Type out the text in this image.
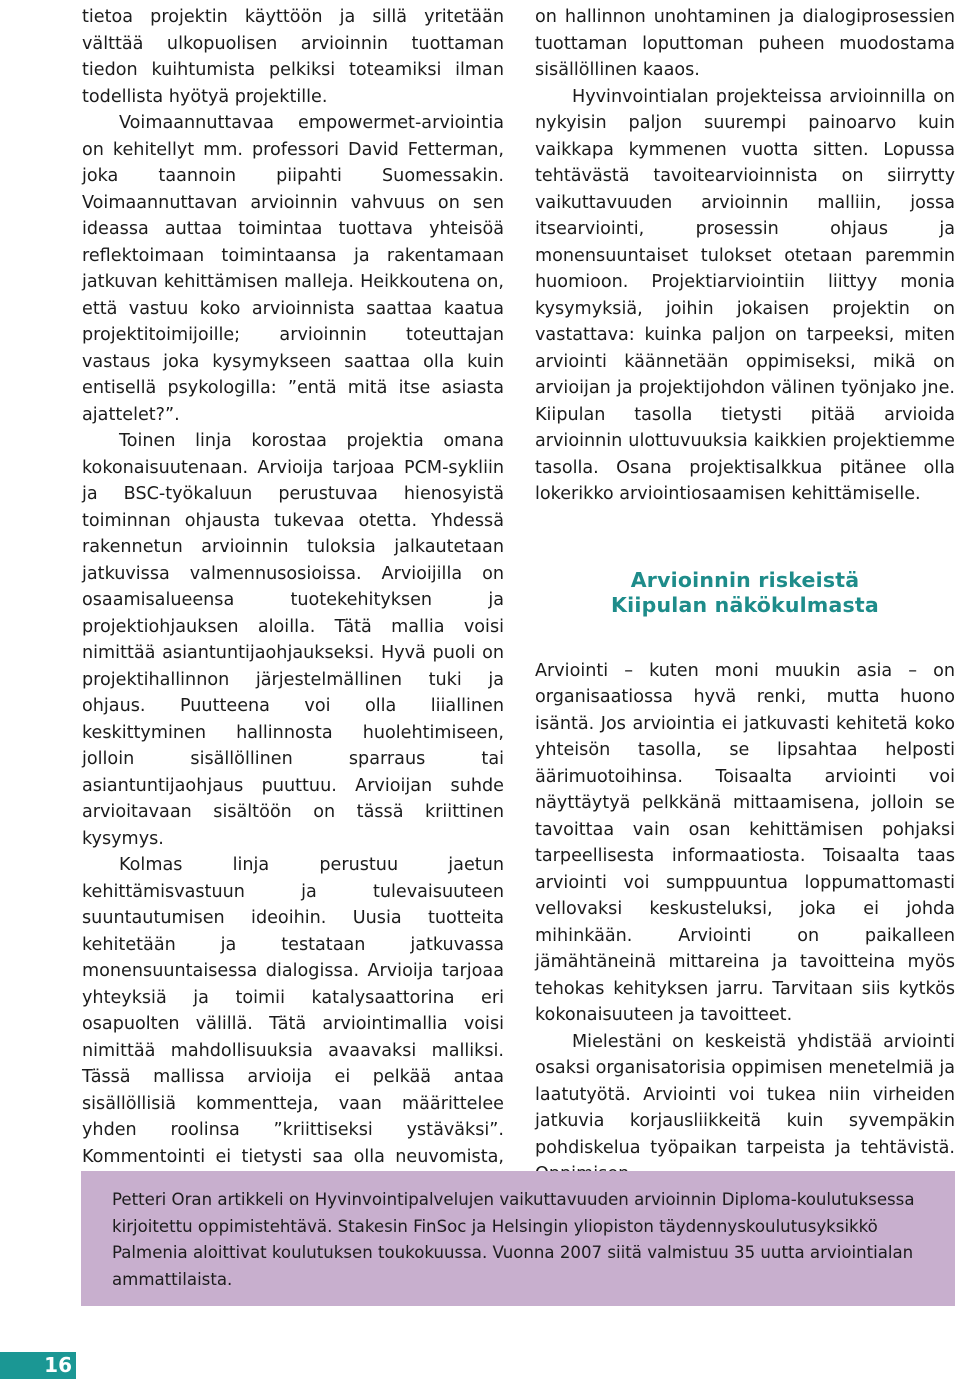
tietoa projektin käyttöön ja sillä yritetään välttää ulkopuolisen arvioinnin tuottaman tiedon kuihtumista pelkiksi toteamiksi ilman todellista hyötyä projektille.

Voimaannuttavaa empowermet-arviointia on kehitellyt mm. professori David Fetterman, joka taannoin piipahti Suomessakin. Voimaannuttavan arvioinnin vahvuus on sen ideassa auttaa toimintaa tuottava yhteisöä reflektoimaan toimintaansa ja rakentamaan jatkuvan kehittämisen malleja. Heikkoutena on, että vastuu koko arvioinnista saattaa kaatua projektitoimijoille; arvioinnin toteuttajan vastaus joka kysymykseen saattaa olla kuin entisellä psykologilla: ”entä mitä itse asiasta ajattelet?”.

Toinen linja korostaa projektia omana kokonaisuutenaan. Arvioija tarjoaa PCM-sykliin ja BSC-työkaluun perustuvaa hienosyistä toiminnan ohjausta tukevaa otetta. Yhdessä rakennetun arvioinnin tuloksia jalkautetaan jatkuvissa valmennusosioissa. Arvioijilla on osaamisalueensa tuotekehityksen ja projektiohjauksen aloilla. Tätä mallia voisi nimittää asiantuntijaohjaukseksi. Hyvä puoli on projektihallinnon järjestelmällinen tuki ja ohjaus. Puutteena voi olla liiallinen keskittyminen hallinnosta huolehtimiseen, jolloin sisällöllinen sparraus tai asiantuntijaohjaus puuttuu. Arvioijan suhde arvioitavaan sisältöön on tässä kriittinen kysymys.

Kolmas linja perustuu jaetun kehittämisvastuun ja tulevaisuuteen suuntautumisen ideoihin. Uusia tuotteita kehitetään ja testataan jatkuvassa monensuuntaisessa dialogissa. Arvioija tarjoaa yhteyksiä ja toimii katalysaattorina eri osapuolten välillä. Tätä arviointimallia voisi nimittää mahdollisuuksia avaavaksi malliksi. Tässä mallissa arvioija ei pelkää antaa sisällöllisiä kommentteja, vaan määrittelee yhden roolinsa ”kriittiseksi ystäväksi”. Kommentointi ei tietysti saa olla neuvomista,

on hallinnon unohtaminen ja dialogiprosessien tuottaman loputtoman puheen muodostama sisällöllinen kaaos.

Hyvinvointialan projekteissa arvioinnilla on nykyisin paljon suurempi painoarvo kuin vaikkapa kymmenen vuotta sitten. Lopussa tehtävästä tavoitearvioinnista on siirrytty vaikuttavuuden arvioinnin malliin, jossa itsearviointi, prosessin ohjaus ja monensuuntaiset tulokset otetaan paremmin huomioon. Projektiarviointiin liittyy monia kysymyksiä, joihin jokaisen projektin on vastattava: kuinka paljon on tarpeeksi, miten arviointi käännetään oppimiseksi, mikä on arvioijan ja projektijohdon välinen työnjako jne. Kiipulan tasolla tietysti pitää arvioida arvioinnin ulottuvuuksia kaikkien projektiemme tasolla. Osana projektisalkkua pitänee olla lokerikko arviointiosaamisen kehittämiselle.

Arvioinnin riskeistä
Kiipulan näkökulmasta

Arviointi – kuten moni muukin asia – on organisaatiossa hyvä renki, mutta huono isäntä. Jos arviointia ei jatkuvasti kehitetä koko yhteisön tasolla, se lipsahtaa helposti äärimuotoihinsa. Toisaalta arviointi voi näyttäytyä pelkkänä mittaamisena, jolloin se tavoittaa vain osan kehittämisen pohjaksi tarpeellisesta informaatiosta. Toisaalta taas arviointi voi sumppuuntua loppumattomasti vellovaksi keskusteluksi, joka ei johda mihinkään. Arviointi on paikalleen jämähtäneinä mittareina ja tavoitteina myös tehokas kehityksen jarru. Tarvitaan siis kytkös kokonaisuuteen ja tavoitteet.

Mielestäni on keskeistä yhdistää arviointi osaksi organisatorisia oppimisen menetelmiä ja laatutyötä. Arviointi voi tukea niin virheiden jatkuvia korjausliikkeitä kuin syvempäkin pohdiskelua työpaikan tarpeista ja tehtävistä.

Petteri Oran artikkeli on Hyvinvointipalvelujen vaikuttavuuden arvioinnin Diploma-koulutuksessa kirjoitettu oppimistehtävä. Stakesin FinSoc ja Helsingin yliopiston täydennyskoulutusyksikkö Palmenia aloittivat koulutuksen toukokuussa. Vuonna 2007 siitä valmistuu 35 uutta arviointialan ammattilaista.

16
